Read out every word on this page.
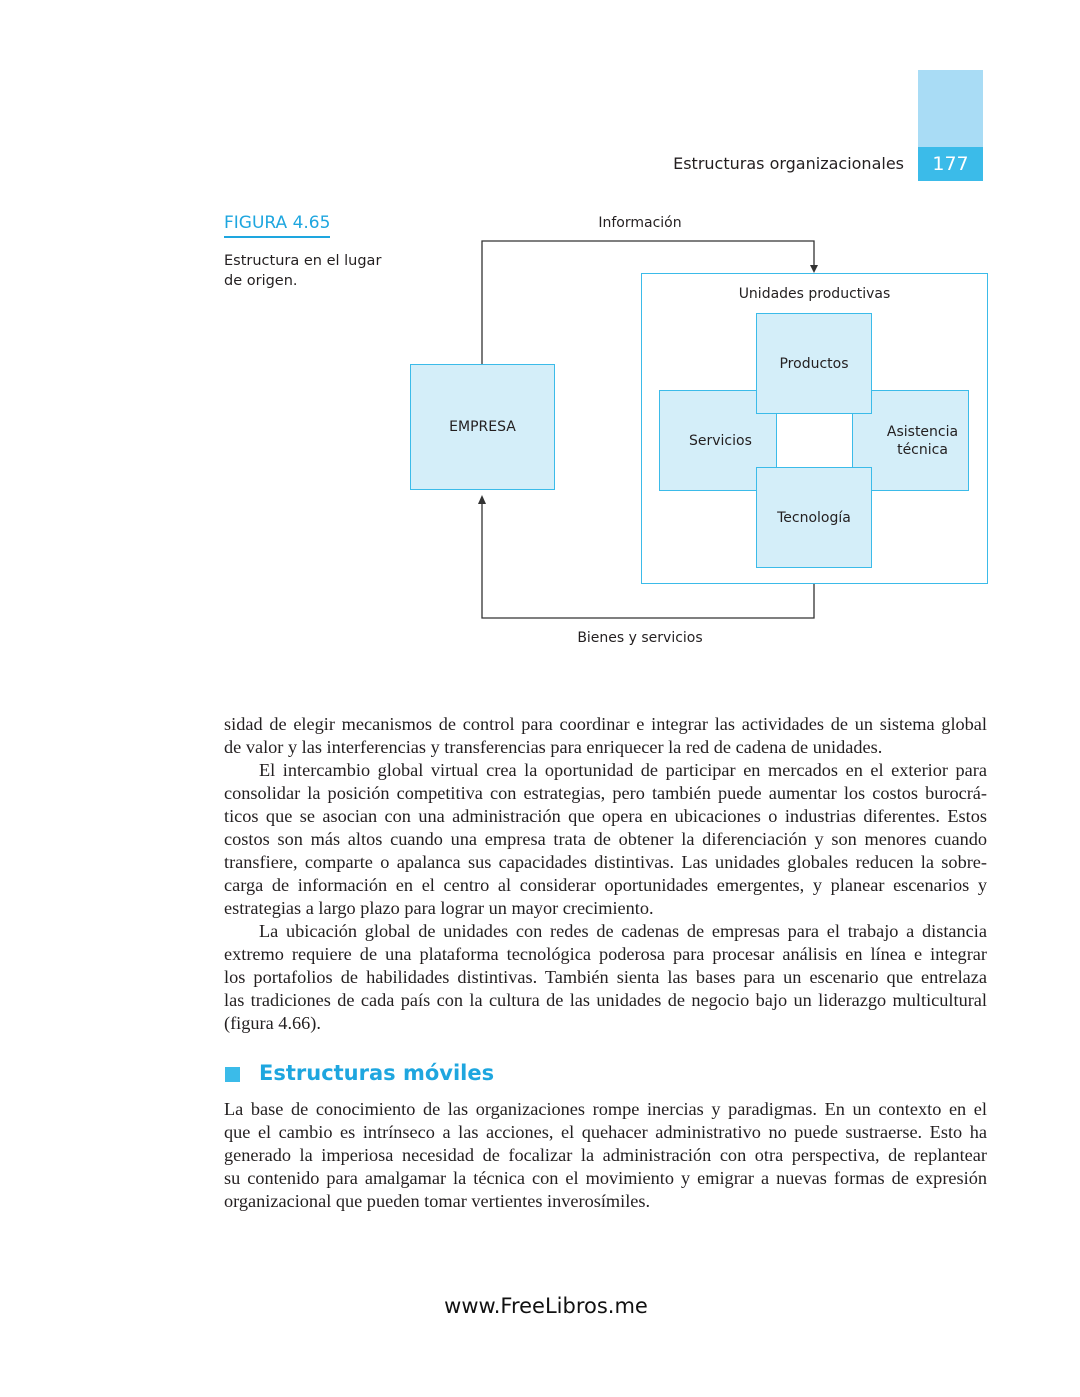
177
Estructuras organizacionales
FIGURA 4.65
Estructura en el lugar de origen.
Información
Bienes y servicios
EMPRESA
Unidades productivas
Servicios
Asistencia técnica
Productos
Tecnología
sidad de elegir mecanismos de control para coordinar e integrar las actividades de un sistema global
de valor y las interferencias y transferencias para enriquecer la red de cadena de unidades.
El intercambio global virtual crea la oportunidad de participar en mercados en el exterior para
consolidar la posición competitiva con estrategias, pero también puede aumentar los costos burocrá-
ticos que se asocian con una administración que opera en ubicaciones o industrias diferentes. Estos
costos son más altos cuando una empresa trata de obtener la diferenciación y son menores cuando
transfiere, comparte o apalanca sus capacidades distintivas. Las unidades globales reducen la sobre-
carga de información en el centro al considerar oportunidades emergentes, y planear escenarios y
estrategias a largo plazo para lograr un mayor crecimiento.
La ubicación global de unidades con redes de cadenas de empresas para el trabajo a distancia
extremo requiere de una plataforma tecnológica poderosa para procesar análisis en línea e integrar
los portafolios de habilidades distintivas. También sienta las bases para un escenario que entrelaza
las tradiciones de cada país con la cultura de las unidades de negocio bajo un liderazgo multicultural
(figura 4.66).
Estructuras móviles
La base de conocimiento de las organizaciones rompe inercias y paradigmas. En un contexto en el
que el cambio es intrínseco a las acciones, el quehacer administrativo no puede sustraerse. Esto ha
generado la imperiosa necesidad de focalizar la administración con otra perspectiva, de replantear
su contenido para amalgamar la técnica con el movimiento y emigrar a nuevas formas de expresión
organizacional que pueden tomar vertientes inverosímiles.
www.FreeLibros.me
